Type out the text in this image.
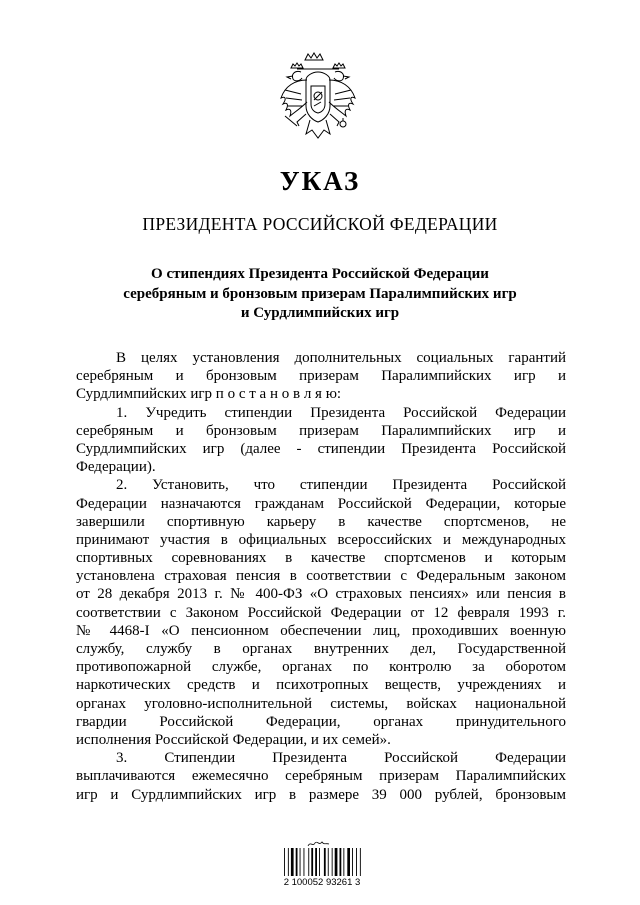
УКАЗ
ПРЕЗИДЕНТА РОССИЙСКОЙ ФЕДЕРАЦИИ
О стипендиях Президента Российской Федерации
серебряным и бронзовым призерам Паралимпийских игр
и Сурдлимпийских игр
В целях установления дополнительных социальных гарантий
серебряным и бронзовым призерам Паралимпийских игр и
Сурдлимпийских игр п о с т а н о в л я ю:
1. Учредить стипендии Президента Российской Федерации
серебряным и бронзовым призерам Паралимпийских игр и
Сурдлимпийских игр (далее - стипендии Президента Российской
Федерации).
2. Установить, что стипендии Президента Российской
Федерации назначаются гражданам Российской Федерации, которые
завершили спортивную карьеру в качестве спортсменов, не
принимают участия в официальных всероссийских и международных
спортивных соревнованиях в качестве спортсменов и которым
установлена страховая пенсия в соответствии с Федеральным законом
от 28 декабря 2013 г. № 400-ФЗ «О страховых пенсиях» или пенсия в
соответствии с Законом Российской Федерации от 12 февраля 1993 г.
№ 4468-I «О пенсионном обеспечении лиц, проходивших военную
службу, службу в органах внутренних дел, Государственной
противопожарной службе, органах по контролю за оборотом
наркотических средств и психотропных веществ, учреждениях и
органах уголовно-исполнительной системы, войсках национальной
гвардии Российской Федерации, органах принудительного
исполнения Российской Федерации, и их семей».
3. Стипендии Президента Российской Федерации
выплачиваются ежемесячно серебряным призерам Паралимпийских
игр и Сурдлимпийских игр в размере 39 000 рублей, бронзовым
2 100052 93261 3
